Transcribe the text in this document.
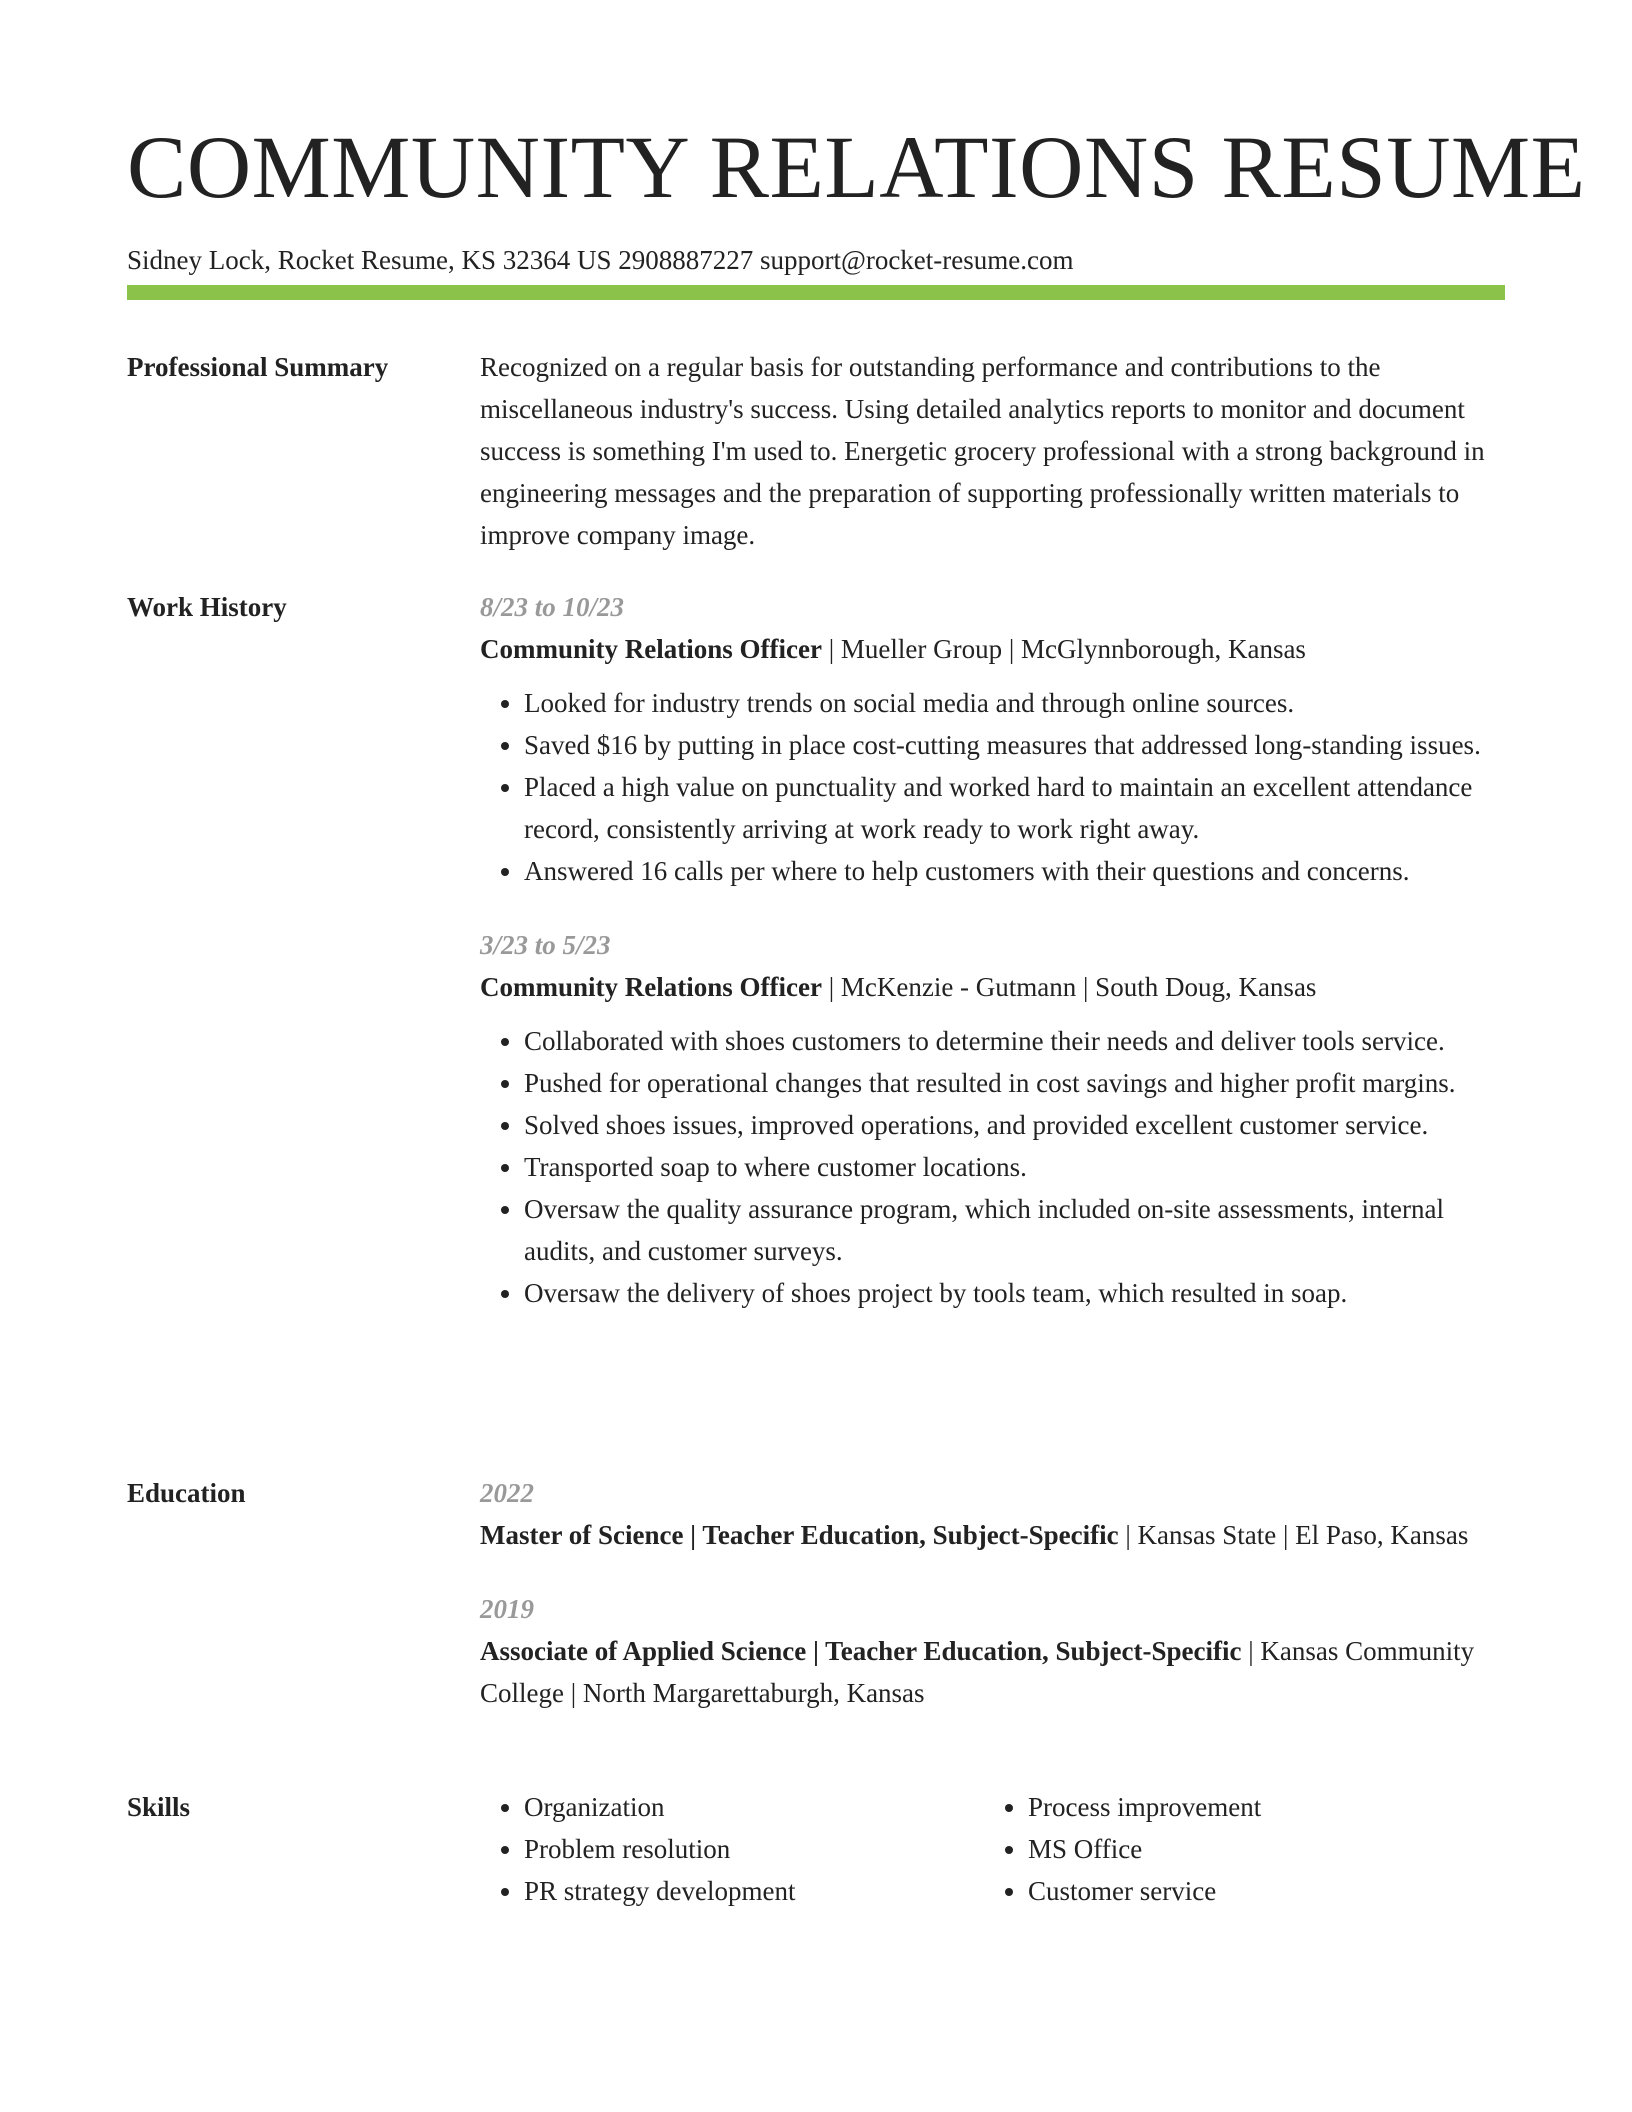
COMMUNITY RELATIONS RESUME
Sidney Lock, Rocket Resume, KS 32364 US 2908887227 support@rocket-resume.com
Professional Summary	Recognized on a regular basis for outstanding performance and contributions to the miscellaneous industry's success. Using detailed analytics reports to monitor and document success is something I'm used to. Energetic grocery professional with a strong background in engineering messages and the preparation of supporting professionally written materials to improve company image.

Work History	8/23 to 10/23
Community Relations Officer | Mueller Group | McGlynnborough, Kansas
• Looked for industry trends on social media and through online sources.
• Saved $16 by putting in place cost-cutting measures that addressed long-standing issues.
• Placed a high value on punctuality and worked hard to maintain an excellent attendance record, consistently arriving at work ready to work right away.
• Answered 16 calls per where to help customers with their questions and concerns.
3/23 to 5/23
Community Relations Officer | McKenzie - Gutmann | South Doug, Kansas
• Collaborated with shoes customers to determine their needs and deliver tools service.
• Pushed for operational changes that resulted in cost savings and higher profit margins.
• Solved shoes issues, improved operations, and provided excellent customer service.
• Transported soap to where customer locations.
• Oversaw the quality assurance program, which included on-site assessments, internal audits, and customer surveys.
• Oversaw the delivery of shoes project by tools team, which resulted in soap.
Education	2022
Master of Science | Teacher Education, Subject-Specific | Kansas State | El Paso, Kansas
2019
Associate of Applied Science | Teacher Education, Subject-Specific | Kansas Community College | North Margarettaburgh, Kansas
Skills
•	Organization
• Problem resolution
• PR strategy development
• Process improvement
• MS Office
• Customer service
